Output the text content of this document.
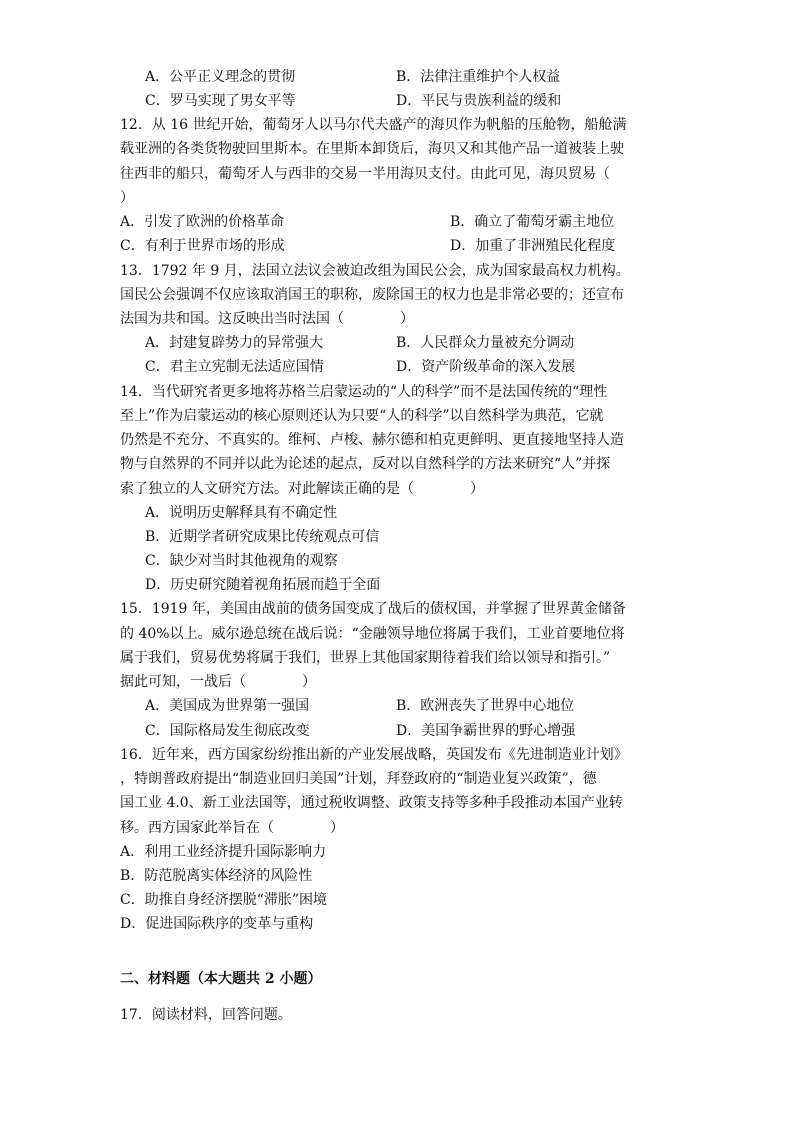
A．公平正义理念的贯彻	B．法律注重维护个人权益
C．罗马实现了男女平等	D．平民与贵族利益的缓和
12．从 16 世纪开始，葡萄牙人以马尔代夫盛产的海贝作为帆船的压舱物，船舱满
载亚洲的各类货物驶回里斯本。在里斯本卸货后，海贝又和其他产品一道被装上驶
往西非的船只，葡萄牙人与西非的交易一半用海贝支付。由此可见，海贝贸易（
）
A．引发了欧洲的价格革命	B．确立了葡萄牙霸主地位
C．有利于世界市场的形成	D．加重了非洲殖民化程度
13．1792 年 9 月，法国立法议会被迫改组为国民公会，成为国家最高权力机构。
国民公会强调不仅应该取消国王的职称，废除国王的权力也是非常必要的；还宣布
法国为共和国。这反映出当时法国（　　　　）
A．封建复辟势力的异常强大	B．人民群众力量被充分调动
C．君主立宪制无法适应国情	D．资产阶级革命的深入发展
14．当代研究者更多地将苏格兰启蒙运动的“人的科学”而不是法国传统的“理性
至上”作为启蒙运动的核心原则还认为只要“人的科学”以自然科学为典范，它就
仍然是不充分、不真实的。维柯、卢梭、赫尔德和柏克更鲜明、更直接地坚持人造
物与自然界的不同并以此为论述的起点，反对以自然科学的方法来研究“人”并探
索了独立的人文研究方法。对此解读正确的是（　　　　）
A．说明历史解释具有不确定性
B．近期学者研究成果比传统观点可信
C．缺少对当时其他视角的观察
D．历史研究随着视角拓展而趋于全面
15．1919 年，美国由战前的债务国变成了战后的债权国，并掌握了世界黄金储备
的 40%以上。威尔逊总统在战后说：“金融领导地位将属于我们，工业首要地位将
属于我们，贸易优势将属于我们，世界上其他国家期待着我们给以领导和指引。”
据此可知，一战后（　　　　）
A．美国成为世界第一强国	B．欧洲丧失了世界中心地位
C．国际格局发生彻底改变	D．美国争霸世界的野心增强
16．近年来，西方国家纷纷推出新的产业发展战略，英国发布《先进制造业计划》
，特朗普政府提出“制造业回归美国”计划，拜登政府的“制造业复兴政策”，德
国工业 4.0、新工业法国等，通过税收调整、政策支持等多种手段推动本国产业转
移。西方国家此举旨在（　　　　）
A．利用工业经济提升国际影响力
B．防范脱离实体经济的风险性
C．助推自身经济摆脱“滞胀”困境
D．促进国际秩序的变革与重构
二、材料题（本大题共 2 小题）
17．阅读材料，回答问题。
